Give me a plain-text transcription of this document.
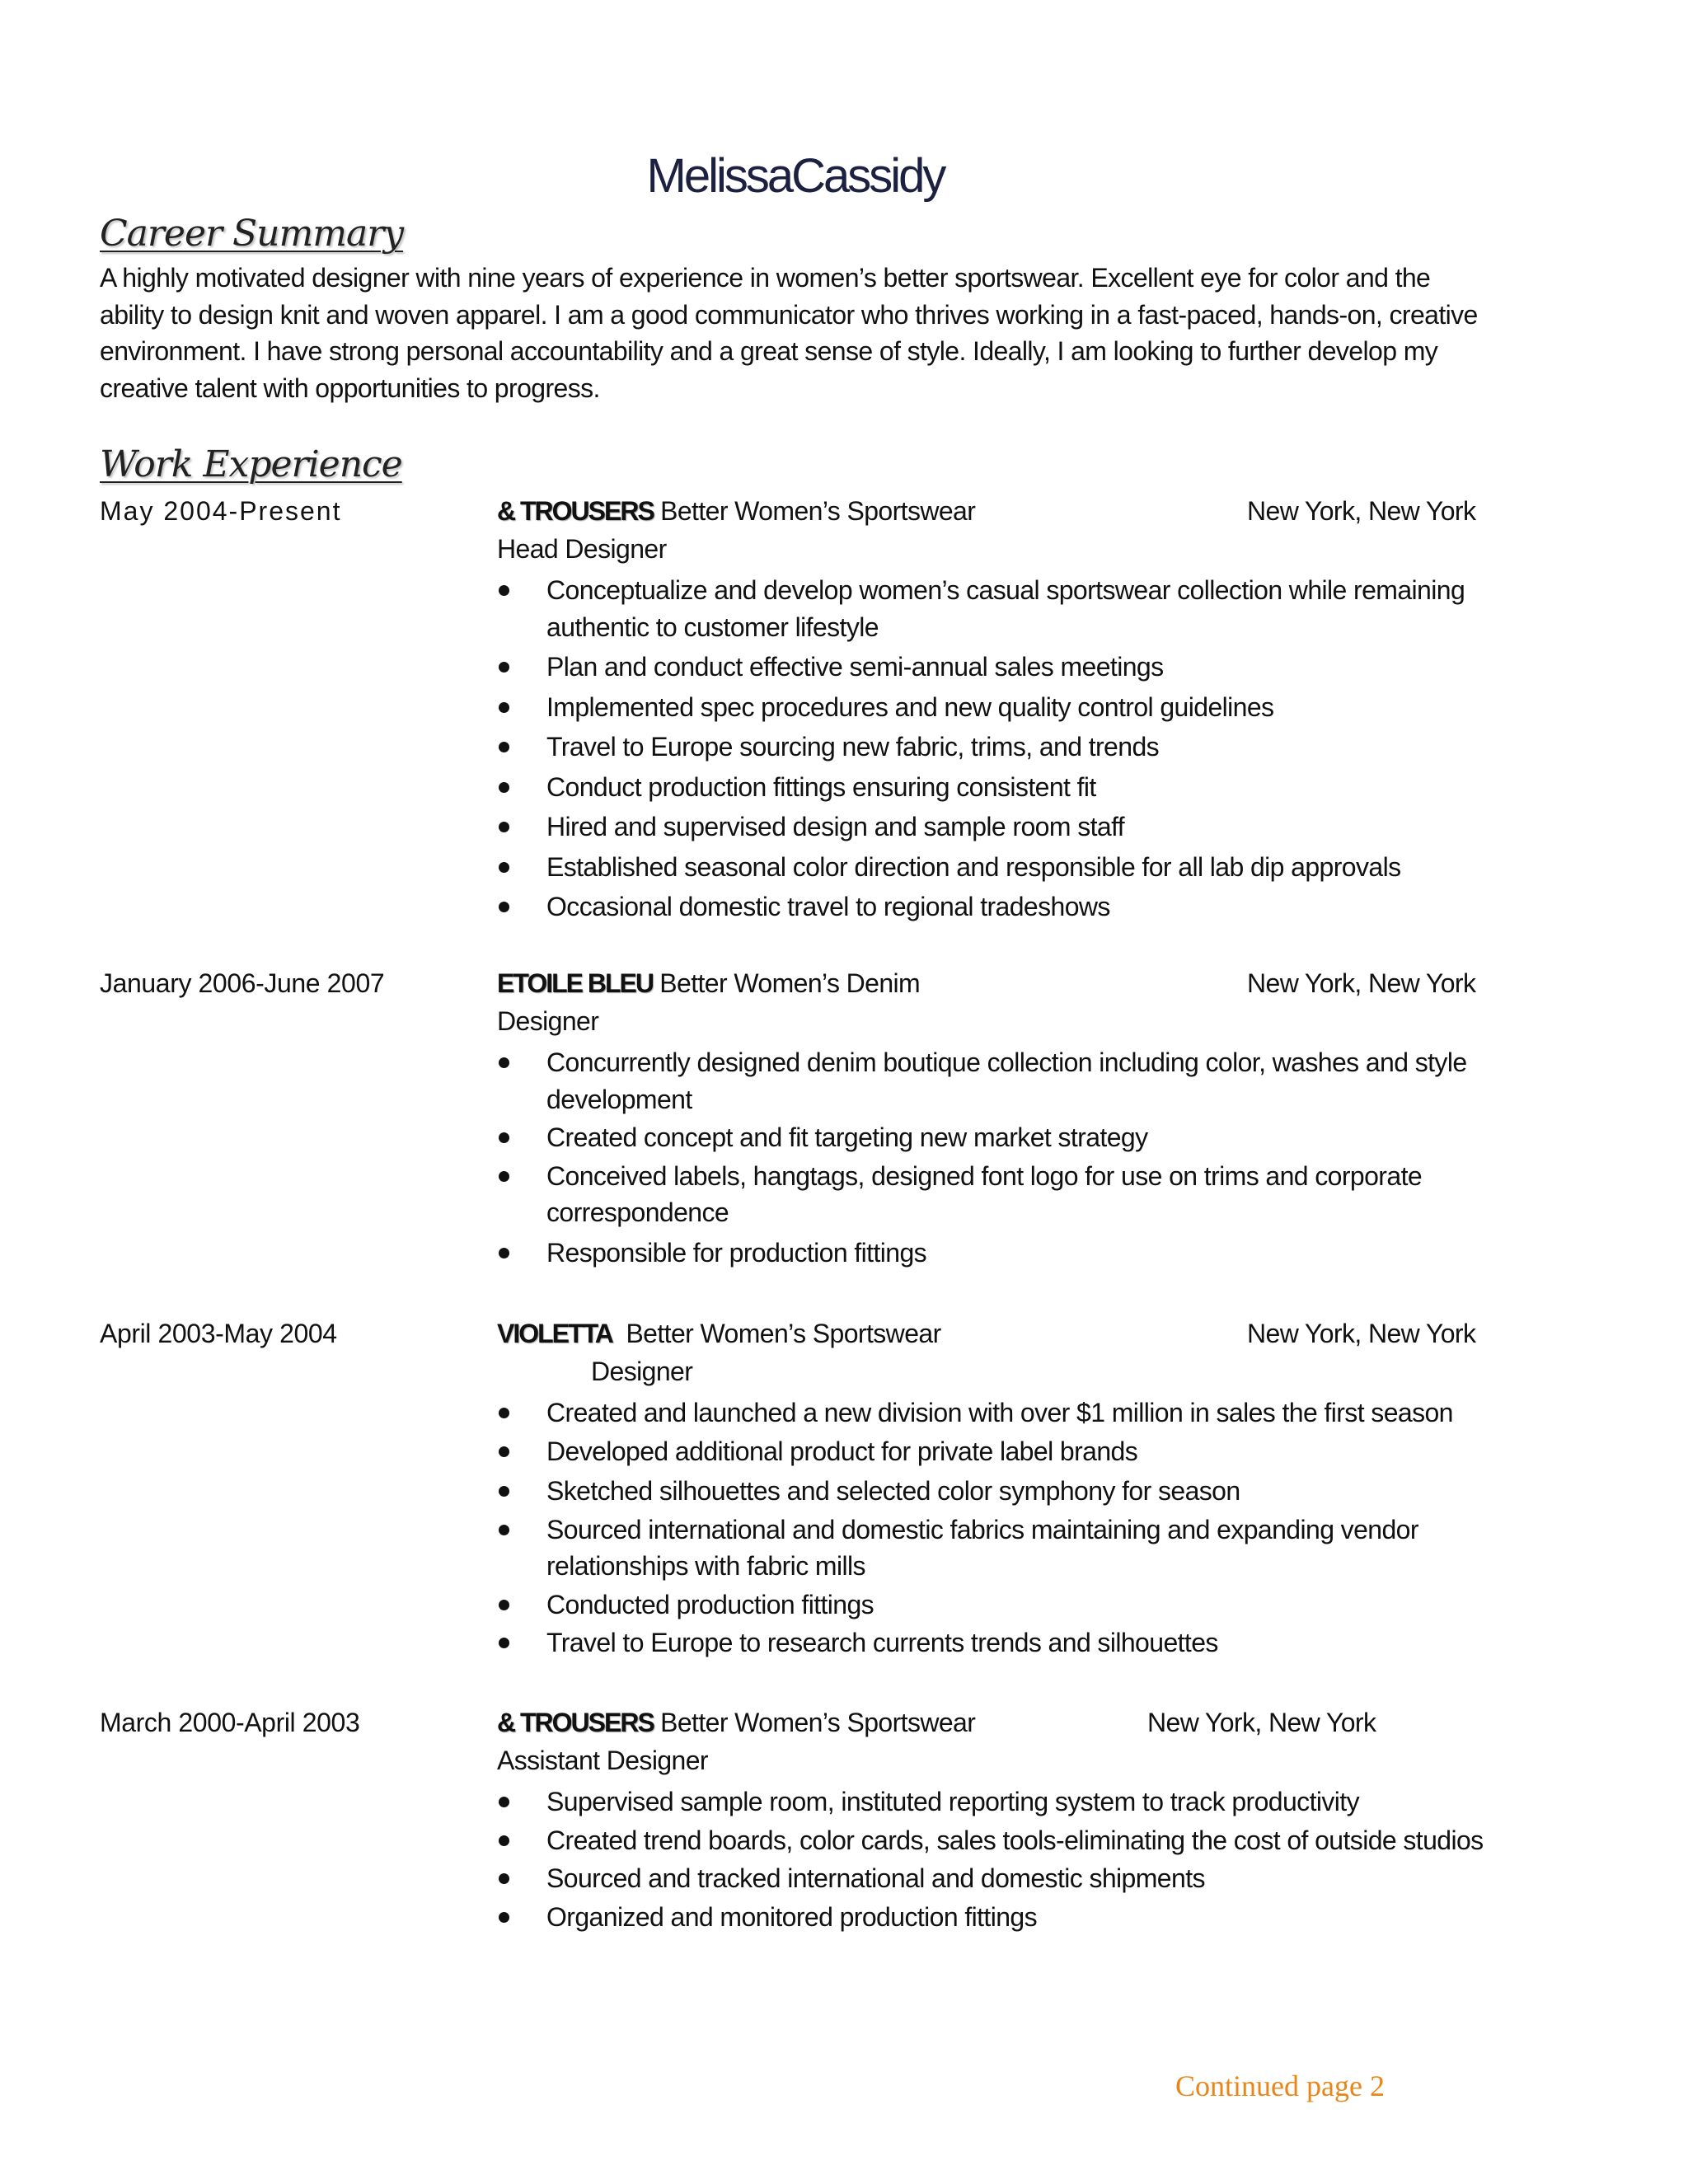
MelissaCassidy
Career Summary
A highly motivated designer with nine years of experience in women’s better sportswear. Excellent eye for color and the ability to design knit and woven apparel. I am a good communicator who thrives working in a fast-paced, hands-on, creative environment. I have strong personal accountability and a great sense of style. Ideally, I am looking to further develop my creative talent with opportunities to progress.
Work Experience
May 2004-Present	& TROUSERS Better Women’s Sportswear	New York, New York
Head Designer
Conceptualize and develop women’s casual sportswear collection while remaining authentic to customer lifestyle
Plan and conduct effective semi-annual sales meetings
Implemented spec procedures and new quality control guidelines
Travel to Europe sourcing new fabric, trims, and trends
Conduct production fittings ensuring consistent fit
Hired and supervised design and sample room staff
Established seasonal color direction and responsible for all lab dip approvals
Occasional domestic travel to regional tradeshows
January 2006-June 2007	ETOILE BLEU Better Women’s Denim	New York, New York
Designer
Concurrently designed denim boutique collection including color, washes and style development
Created concept and fit targeting new market strategy
Conceived labels, hangtags, designed font logo for use on trims and corporate correspondence
Responsible for production fittings
April 2003-May 2004	VIOLETTA Better Women’s Sportswear	New York, New York
Designer
Created and launched a new division with over $1 million in sales the first season
Developed additional product for private label brands
Sketched silhouettes and selected color symphony for season
Sourced international and domestic fabrics maintaining and expanding vendor relationships with fabric mills
Conducted production fittings
Travel to Europe to research currents trends and silhouettes
March 2000-April 2003	& TROUSERS Better Women’s Sportswear	New York, New York
Assistant Designer
Supervised sample room, instituted reporting system to track productivity
Created trend boards, color cards, sales tools-eliminating the cost of outside studios
Sourced and tracked international and domestic shipments
Organized and monitored production fittings
Continued page 2
